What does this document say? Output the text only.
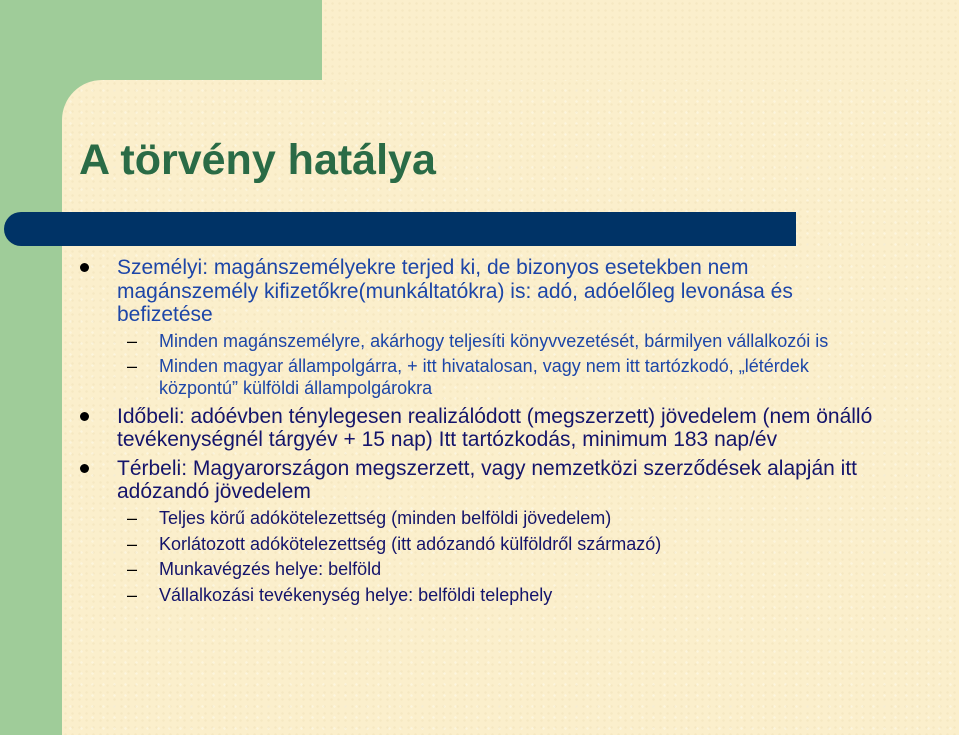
A törvény hatálya
Személyi: magánszemélyekre terjed ki, de bizonyos esetekben nem magánszemély kifizetőkre(munkáltatókra) is: adó, adóelőleg levonása és befizetése
– Minden magánszemélyre, akárhogy teljesíti könyvvezetését, bármilyen vállalkozói is
– Minden magyar állampolgárra, + itt hivatalosan, vagy nem itt tartózkodó, „létérdek központú” külföldi állampolgárokra
Időbeli: adóévben ténylegesen realizálódott (megszerzett) jövedelem (nem önálló tevékenységnél tárgyév + 15 nap) Itt tartózkodás, minimum 183 nap/év
Térbeli: Magyarországon megszerzett, vagy nemzetközi szerződések alapján itt adózandó jövedelem
– Teljes körű adókötelezettség (minden belföldi jövedelem)
– Korlátozott adókötelezettség (itt adózandó külföldről származó)
– Munkavégzés helye: belföld
– Vállalkozási tevékenység helye: belföldi telephely
